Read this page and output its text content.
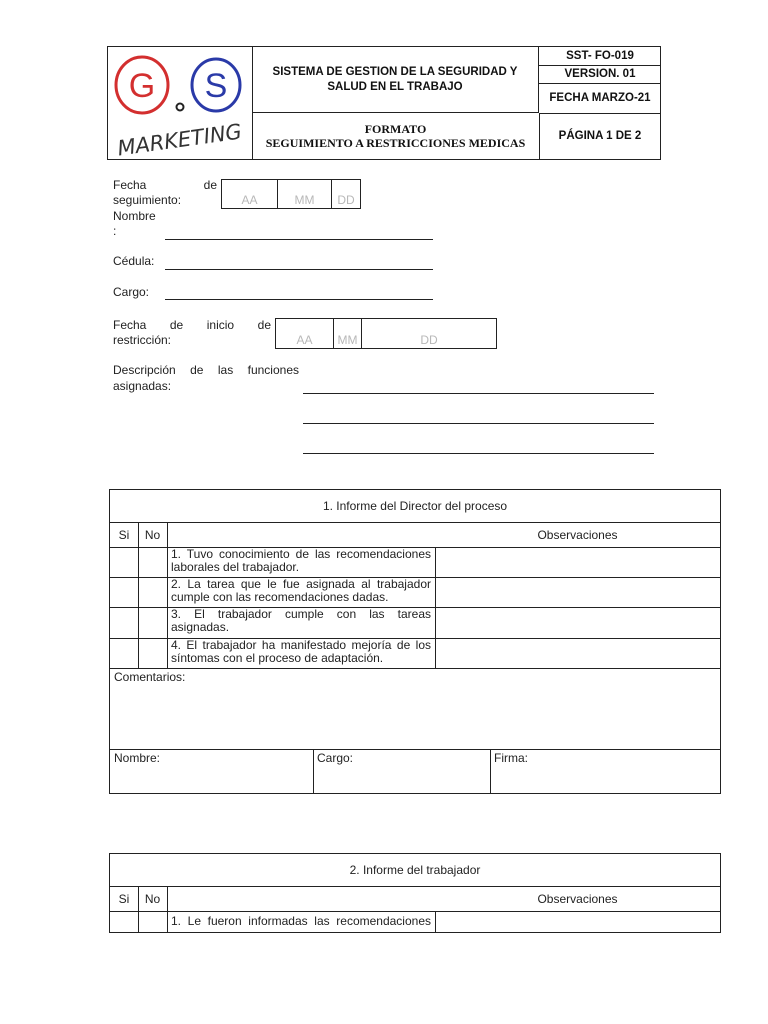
G S
MARKETING
SISTEMA DE GESTION DE LA SEGURIDAD Y SALUD EN EL TRABAJO
FORMATO
SEGUIMIENTO A RESTRICCIONES MEDICAS
SST- FO-019
VERSION. 01
FECHA MARZO-21
PÁGINA 1 DE 2
Fecha de
seguimiento:	AA	MM	DD
Nombre
:
Cédula:
Cargo:
Fecha de inicio de
restricción:	AA	MM	DD
Descripción de las funciones
asignadas:
1. Informe del Director del proceso
Si	No	Observaciones
1. Tuvo conocimiento de las recomendaciones
laborales del trabajador.
2. La tarea que le fue asignada al trabajador
cumple con las recomendaciones dadas.
3. El trabajador cumple con las tareas
asignadas.
4. El trabajador ha manifestado mejoría de los
síntomas con el proceso de adaptación.
Comentarios:
Nombre:	Cargo:	Firma:
2. Informe del trabajador
Si	No	Observaciones
1. Le fueron informadas las recomendaciones
